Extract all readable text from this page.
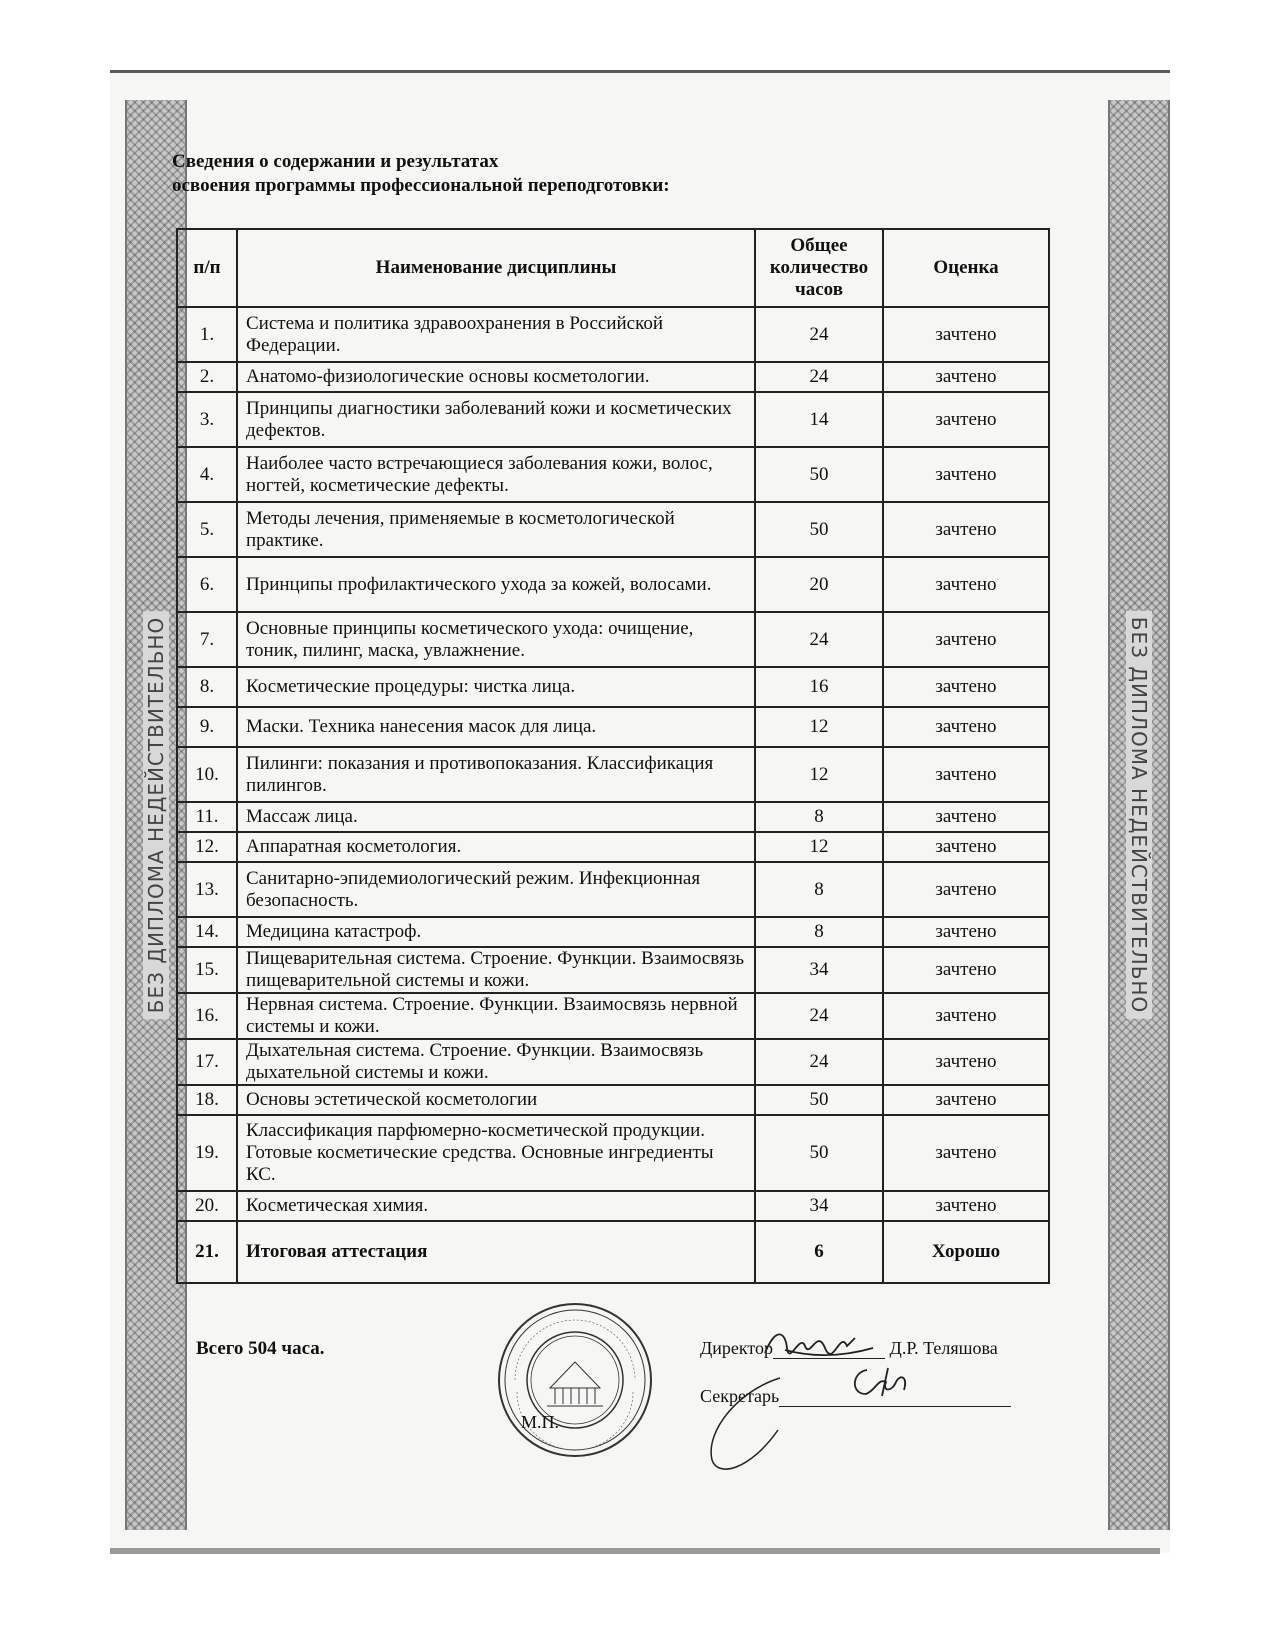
БЕЗ ДИПЛОМА НЕДЕЙСТВИТЕЛЬНО	БЕЗ ДИПЛОМА НЕДЕЙСТВИТЕЛЬНО
Сведения о содержании и результатах
освоения программы профессиональной переподготовки:
п/п	Наименование дисциплины	Общее количество часов	Оценка
1.	Система и политика здравоохранения в Российской Федерации.	24	зачтено
2.	Анатомо-физиологические основы косметологии.	24	зачтено
3.	Принципы диагностики заболеваний кожи и косметических дефектов.	14	зачтено
4.	Наиболее часто встречающиеся заболевания кожи, волос, ногтей, косметические дефекты.	50	зачтено
5.	Методы лечения, применяемые в косметологической практике.	50	зачтено
6.	Принципы профилактического ухода за кожей, волосами.	20	зачтено
7.	Основные принципы косметического ухода: очищение, тоник, пилинг, маска, увлажнение.	24	зачтено
8.	Косметические процедуры: чистка лица.	16	зачтено
9.	Маски. Техника нанесения масок для лица.	12	зачтено
10.	Пилинги: показания и противопоказания. Классификация пилингов.	12	зачтено
11.	Массаж лица.	8	зачтено
12.	Аппаратная косметология.	12	зачтено
13.	Санитарно-эпидемиологический режим. Инфекционная безопасность.	8	зачтено
14.	Медицина катастроф.	8	зачтено
15.	Пищеварительная система. Строение. Функции. Взаимосвязь пищеварительной системы и кожи.	34	зачтено
16.	Нервная система. Строение. Функции. Взаимосвязь нервной системы и кожи.	24	зачтено
17.	Дыхательная система. Строение. Функции. Взаимосвязь дыхательной системы и кожи.	24	зачтено
18.	Основы эстетической косметологии	50	зачтено
19.	Классификация парфюмерно-косметической продукции. Готовые косметические средства. Основные ингредиенты КС.	50	зачтено
20.	Косметическая химия.	34	зачтено
21.	Итоговая аттестация	6	Хорошо
Всего 504 часа.
М.П.
Директор	Д.Р. Теляшова
Секретарь
